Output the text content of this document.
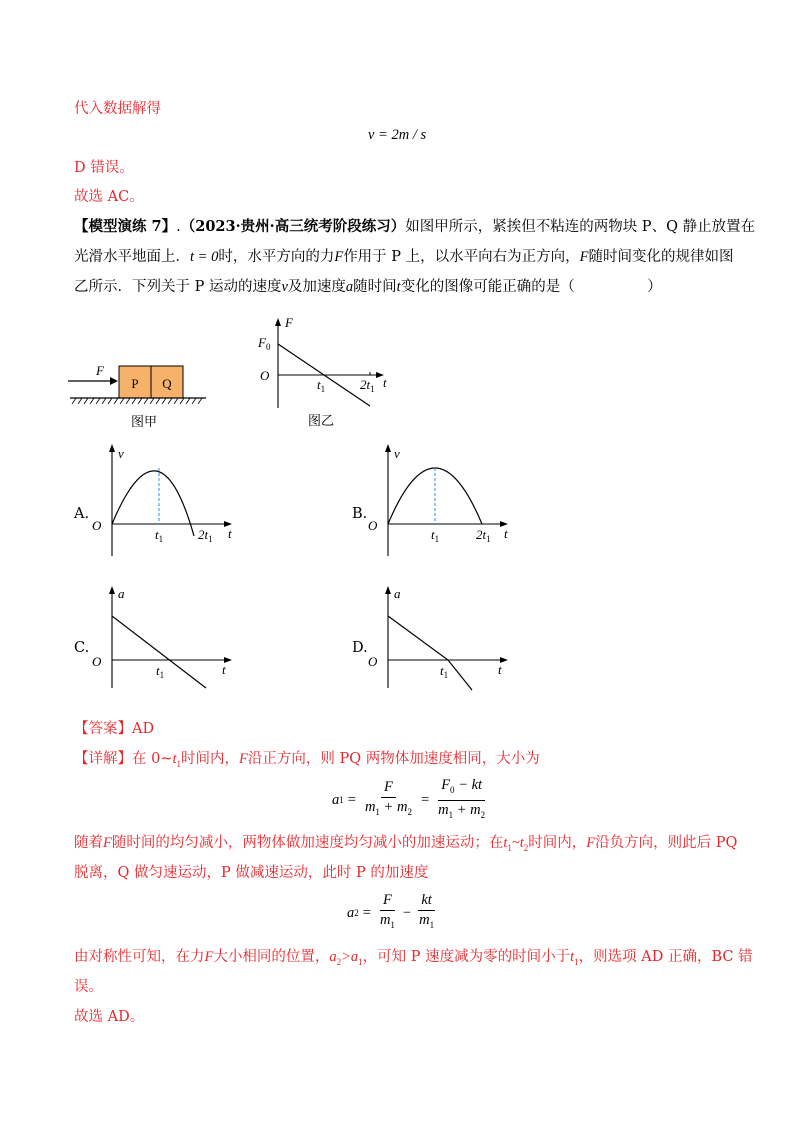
代入数据解得
v = 2m / s
D 错误。
故选 AC。
【模型演练 7】.（2023·贵州·高三统考阶段练习）如图甲所示，紧挨但不粘连的两物块 P、Q 静止放置在
光滑水平地面上．t = 0时，水平方向的力F作用于 P 上，以水平向右为正方向，F随时间变化的规律如图
乙所示．下列关于 P 运动的速度v及加速度a随时间t变化的图像可能正确的是（　　　　　）
F
P Q
图甲
F
$F_0$
O
$t_1$	$2t_1$ t
图乙
A.
v
O
$t_1$	$2t_1$ t
B.
v
O
$t_1$	$2t_1$ t
C.
a
O
$t_1$	t
D.
a
O
$t_1$	t
【答案】AD
【详解】在 $0\sim t_1$时间内，F沿正方向，则 PQ 两物体加速度相同，大小为
a $1 = \frac{F}{m_1 + m_2} = \frac{F_0 - kt}{m_1 + m_2}$
随着F随时间的均匀减小，两物体做加速度均匀减小的加速运动；在$t_1\sim t_2$时间内，F沿负方向，则此后 PQ
脱离，Q 做匀速运动，P 做减速运动，此时 P 的加速度
a $2 = \frac{F}{m_1} - \frac{kt}{m_1}$
由对称性可知，在力F大小相同的位置，$a_2>a_1$，可知 P 速度减为零的时间小于$t_1$，则选项 AD 正确，BC 错
误。
故选 AD。
